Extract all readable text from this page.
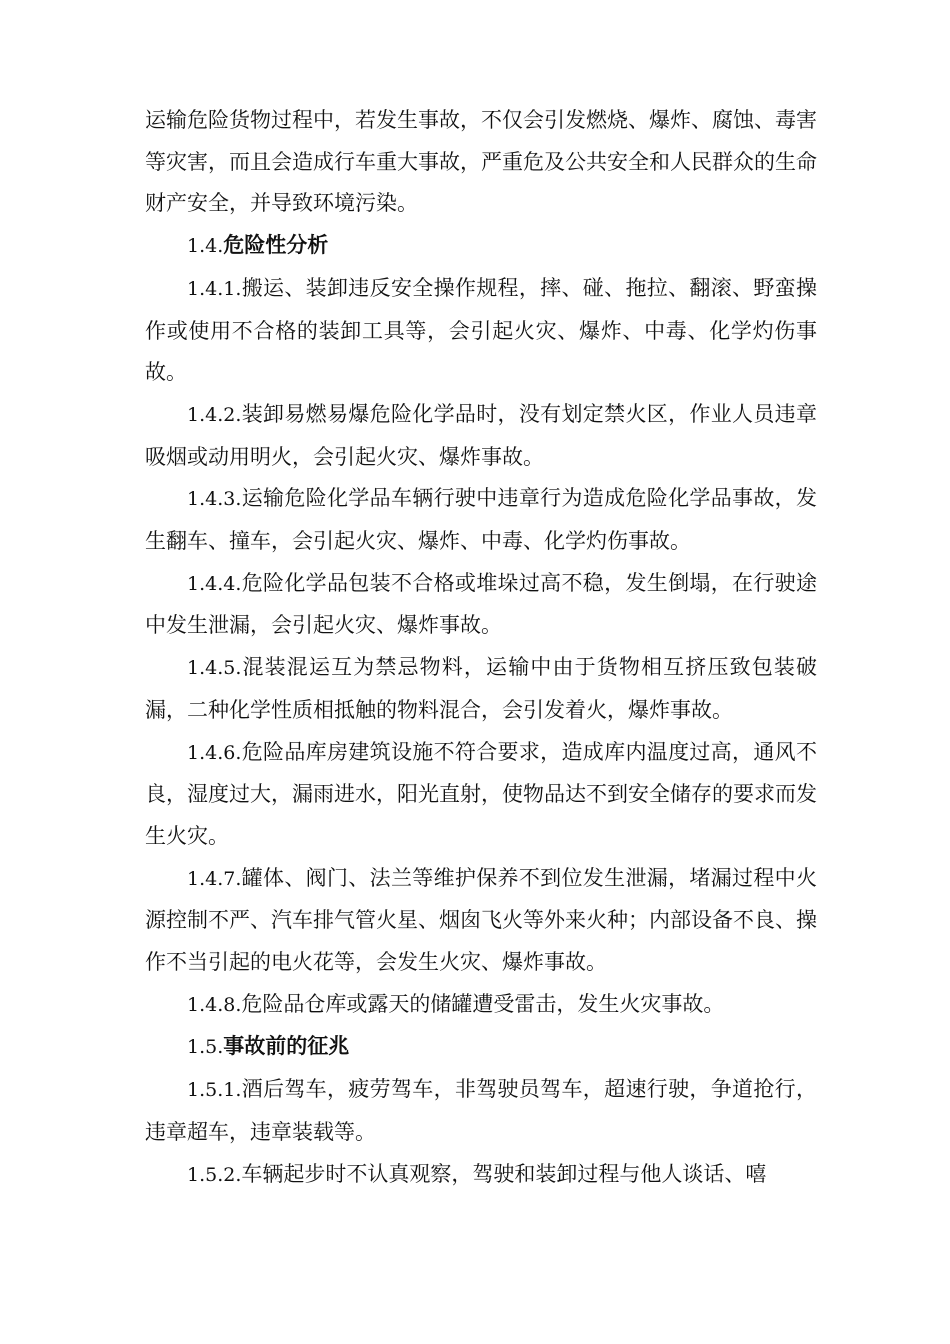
运输危险货物过程中，若发生事故，不仅会引发燃烧、爆炸、腐蚀、毒害等灾害，而且会造成行车重大事故，严重危及公共安全和人民群众的生命财产安全，并导致环境污染。

1.4.危险性分析

1.4.1.搬运、装卸违反安全操作规程，摔、碰、拖拉、翻滚、野蛮操作或使用不合格的装卸工具等，会引起火灾、爆炸、中毒、化学灼伤事故。

1.4.2.装卸易燃易爆危险化学品时，没有划定禁火区，作业人员违章吸烟或动用明火，会引起火灾、爆炸事故。

1.4.3.运输危险化学品车辆行驶中违章行为造成危险化学品事故，发生翻车、撞车，会引起火灾、爆炸、中毒、化学灼伤事故。

1.4.4.危险化学品包装不合格或堆垛过高不稳，发生倒塌，在行驶途中发生泄漏，会引起火灾、爆炸事故。

1.4.5.混装混运互为禁忌物料，运输中由于货物相互挤压致包装破漏，二种化学性质相抵触的物料混合，会引发着火，爆炸事故。

1.4.6.危险品库房建筑设施不符合要求，造成库内温度过高，通风不良，湿度过大，漏雨进水，阳光直射，使物品达不到安全储存的要求而发生火灾。

1.4.7.罐体、阀门、法兰等维护保养不到位发生泄漏，堵漏过程中火源控制不严、汽车排气管火星、烟囱飞火等外来火种；内部设备不良、操作不当引起的电火花等，会发生火灾、爆炸事故。

1.4.8.危险品仓库或露天的储罐遭受雷击，发生火灾事故。

1.5.事故前的征兆

1.5.1.酒后驾车，疲劳驾车，非驾驶员驾车，超速行驶，争道抢行，违章超车，违章装载等。

1.5.2.车辆起步时不认真观察，驾驶和装卸过程与他人谈话、嘻
